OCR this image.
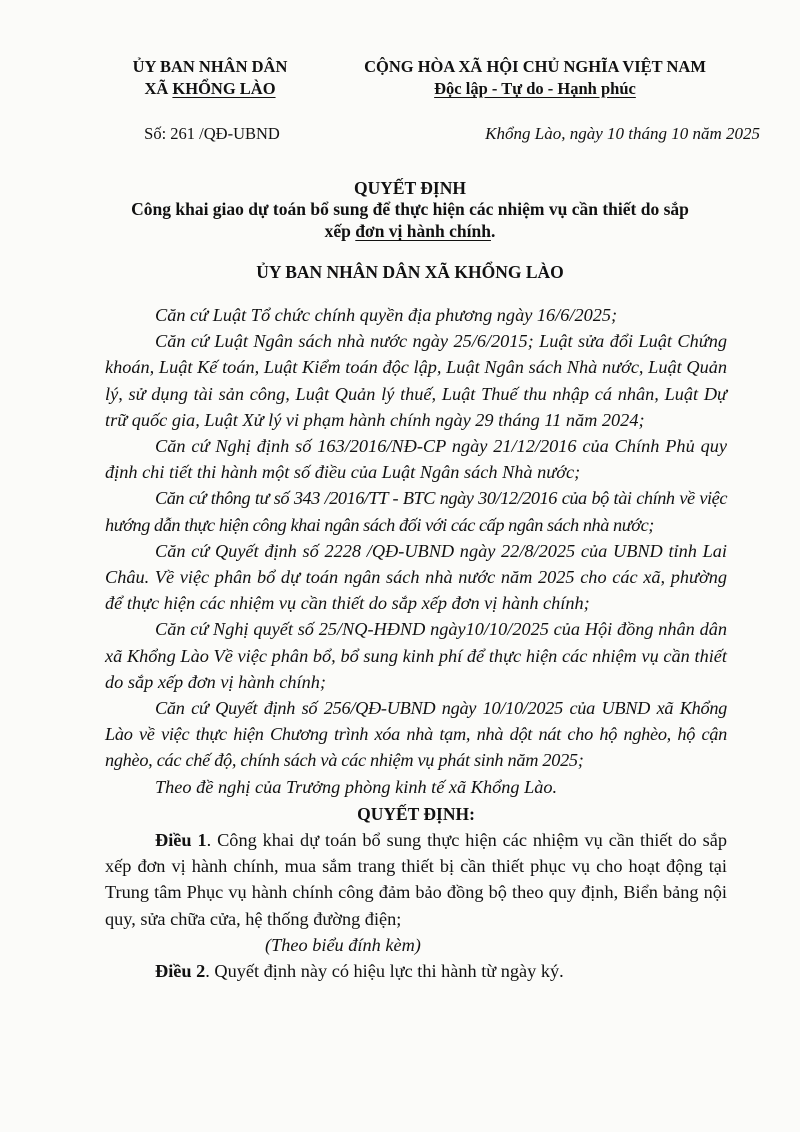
ỦY BAN NHÂN DÂN
XÃ KHỔNG LÀO
CỘNG HÒA XÃ HỘI CHỦ NGHĨA VIỆT NAM
Độc lập - Tự do - Hạnh phúc
Số: 261 /QĐ-UBND	Khổng Lào, ngày 10 tháng 10 năm 2025
QUYẾT ĐỊNH
Công khai giao dự toán bổ sung để thực hiện các nhiệm vụ cần thiết do sắp
xếp đơn vị hành chính.
ỦY BAN NHÂN DÂN XÃ KHỔNG LÀO

Căn cứ Luật Tổ chức chính quyền địa phương ngày 16/6/2025;

Căn cứ Luật Ngân sách nhà nước ngày 25/6/2015; Luật sửa đổi Luật Chứng khoán, Luật Kế toán, Luật Kiểm toán độc lập, Luật Ngân sách Nhà nước, Luật Quản lý, sử dụng tài sản công, Luật Quản lý thuế, Luật Thuế thu nhập cá nhân, Luật Dự trữ quốc gia, Luật Xử lý vi phạm hành chính ngày 29 tháng 11 năm 2024;

Căn cứ Nghị định số 163/2016/NĐ-CP ngày 21/12/2016 của Chính Phủ quy định chi tiết thi hành một số điều của Luật Ngân sách Nhà nước;

Căn cứ thông tư số 343 /2016/TT - BTC ngày 30/12/2016 của bộ tài chính về việc hướng dẫn thực hiện công khai ngân sách đối với các cấp ngân sách nhà nước;

Căn cứ Quyết định số 2228 /QĐ-UBND ngày 22/8/2025 của UBND tỉnh Lai Châu. Về việc phân bổ dự toán ngân sách nhà nước năm 2025 cho các xã, phường để thực hiện các nhiệm vụ cần thiết do sắp xếp đơn vị hành chính;

Căn cứ Nghị quyết số 25/NQ-HĐND ngày10/10/2025 của Hội đồng nhân dân xã Khổng Lào Về việc phân bổ, bổ sung kinh phí để thực hiện các nhiệm vụ cần thiết do sắp xếp đơn vị hành chính;

Căn cứ Quyết định số 256/QĐ-UBND ngày 10/10/2025 của UBND xã Khổng Lào về việc thực hiện Chương trình xóa nhà tạm, nhà dột nát cho hộ nghèo, hộ cận nghèo, các chế độ, chính sách và các nhiệm vụ phát sinh năm 2025;

Theo đề nghị của Trưởng phòng kinh tế xã Khổng Lào.

QUYẾT ĐỊNH:

Điều 1. Công khai dự toán bổ sung thực hiện các nhiệm vụ cần thiết do sắp xếp đơn vị hành chính, mua sắm trang thiết bị cần thiết phục vụ cho hoạt động tại Trung tâm Phục vụ hành chính công đảm bảo đồng bộ theo quy định, Biển bảng nội quy, sửa chữa cửa, hệ thống đường điện;

(Theo biểu đính kèm)

Điều 2. Quyết định này có hiệu lực thi hành từ ngày ký.
